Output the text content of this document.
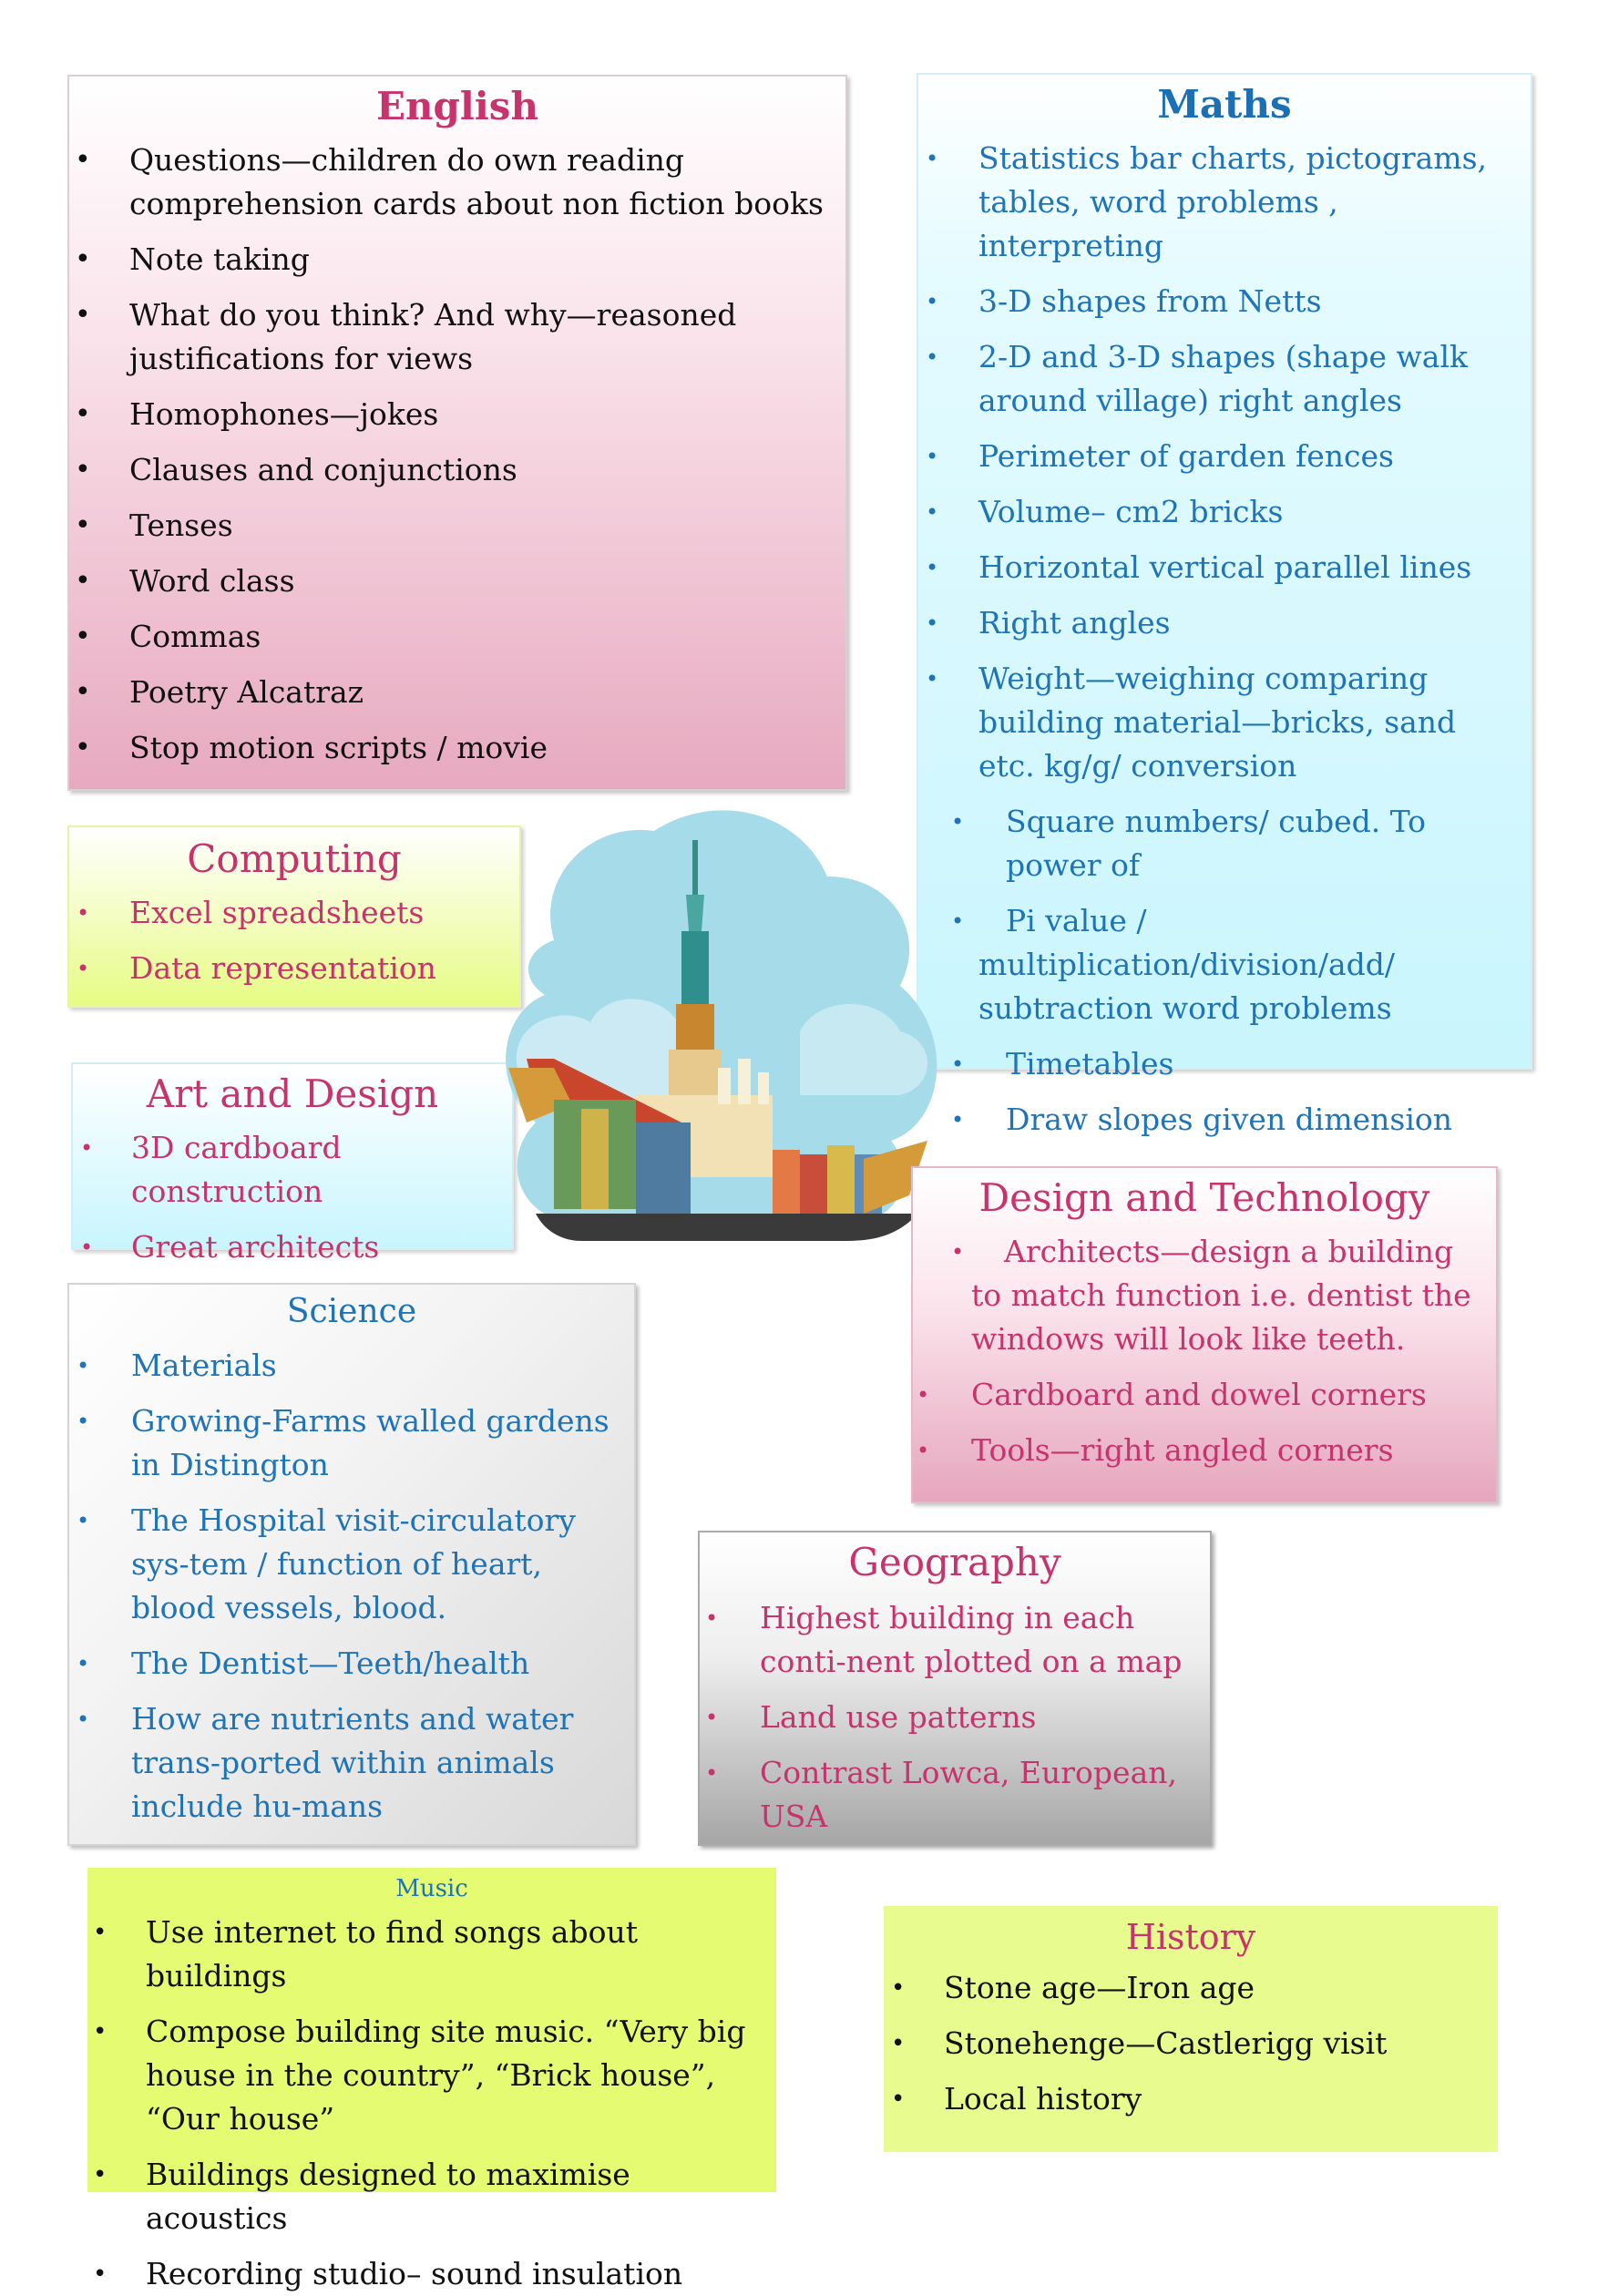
English
• Questions—children do own reading comprehension cards about non fiction books
• Note taking
• What do you think? And why—reasoned justifications for views
• Homophones—jokes
• Clauses and conjunctions
• Tenses
• Word class
• Commas
• Poetry Alcatraz
• Stop motion scripts / movie
Maths
• Statistics bar charts, pictograms, tables, word problems , interpreting
• 3-D shapes from Netts
• 2-D and 3-D shapes (shape walk around village) right angles
• Perimeter of garden fences
• Volume– cm2 bricks
• Horizontal vertical parallel lines
• Right angles
• Weight—weighing comparing building material—bricks, sand etc. kg/g/ conversion
• Square numbers/ cubed. To power of
• Pi value / multiplication/division/add/ subtraction word problems
• Timetables
• Draw slopes given dimension
Computing
• Excel spreadsheets
• Data representation
Art and Design
• 3D cardboard construction
• Great architects
Design and Technology
• Architects—design a building to match function i.e. dentist the windows will look like teeth.
• Cardboard and dowel corners
• Tools—right angled corners
Science
• Materials
• Growing-Farms walled gardens in Distington
• The Hospital visit-circulatory sys-tem / function of heart, blood vessels, blood.
• The Dentist—Teeth/health
• How are nutrients and water trans-ported within animals include hu-mans
Geography
• Highest building in each conti-nent plotted on a map
• Land use patterns
• Contrast Lowca, European, USA
Music
• Use internet to find songs about buildings
• Compose building site music. “Very big house in the country”, “Brick house”, “Our house”
• Buildings designed to maximise acoustics
• Recording studio– sound insulation
History
• Stone age—Iron age
• Stonehenge—Castlerigg visit
• Local history
